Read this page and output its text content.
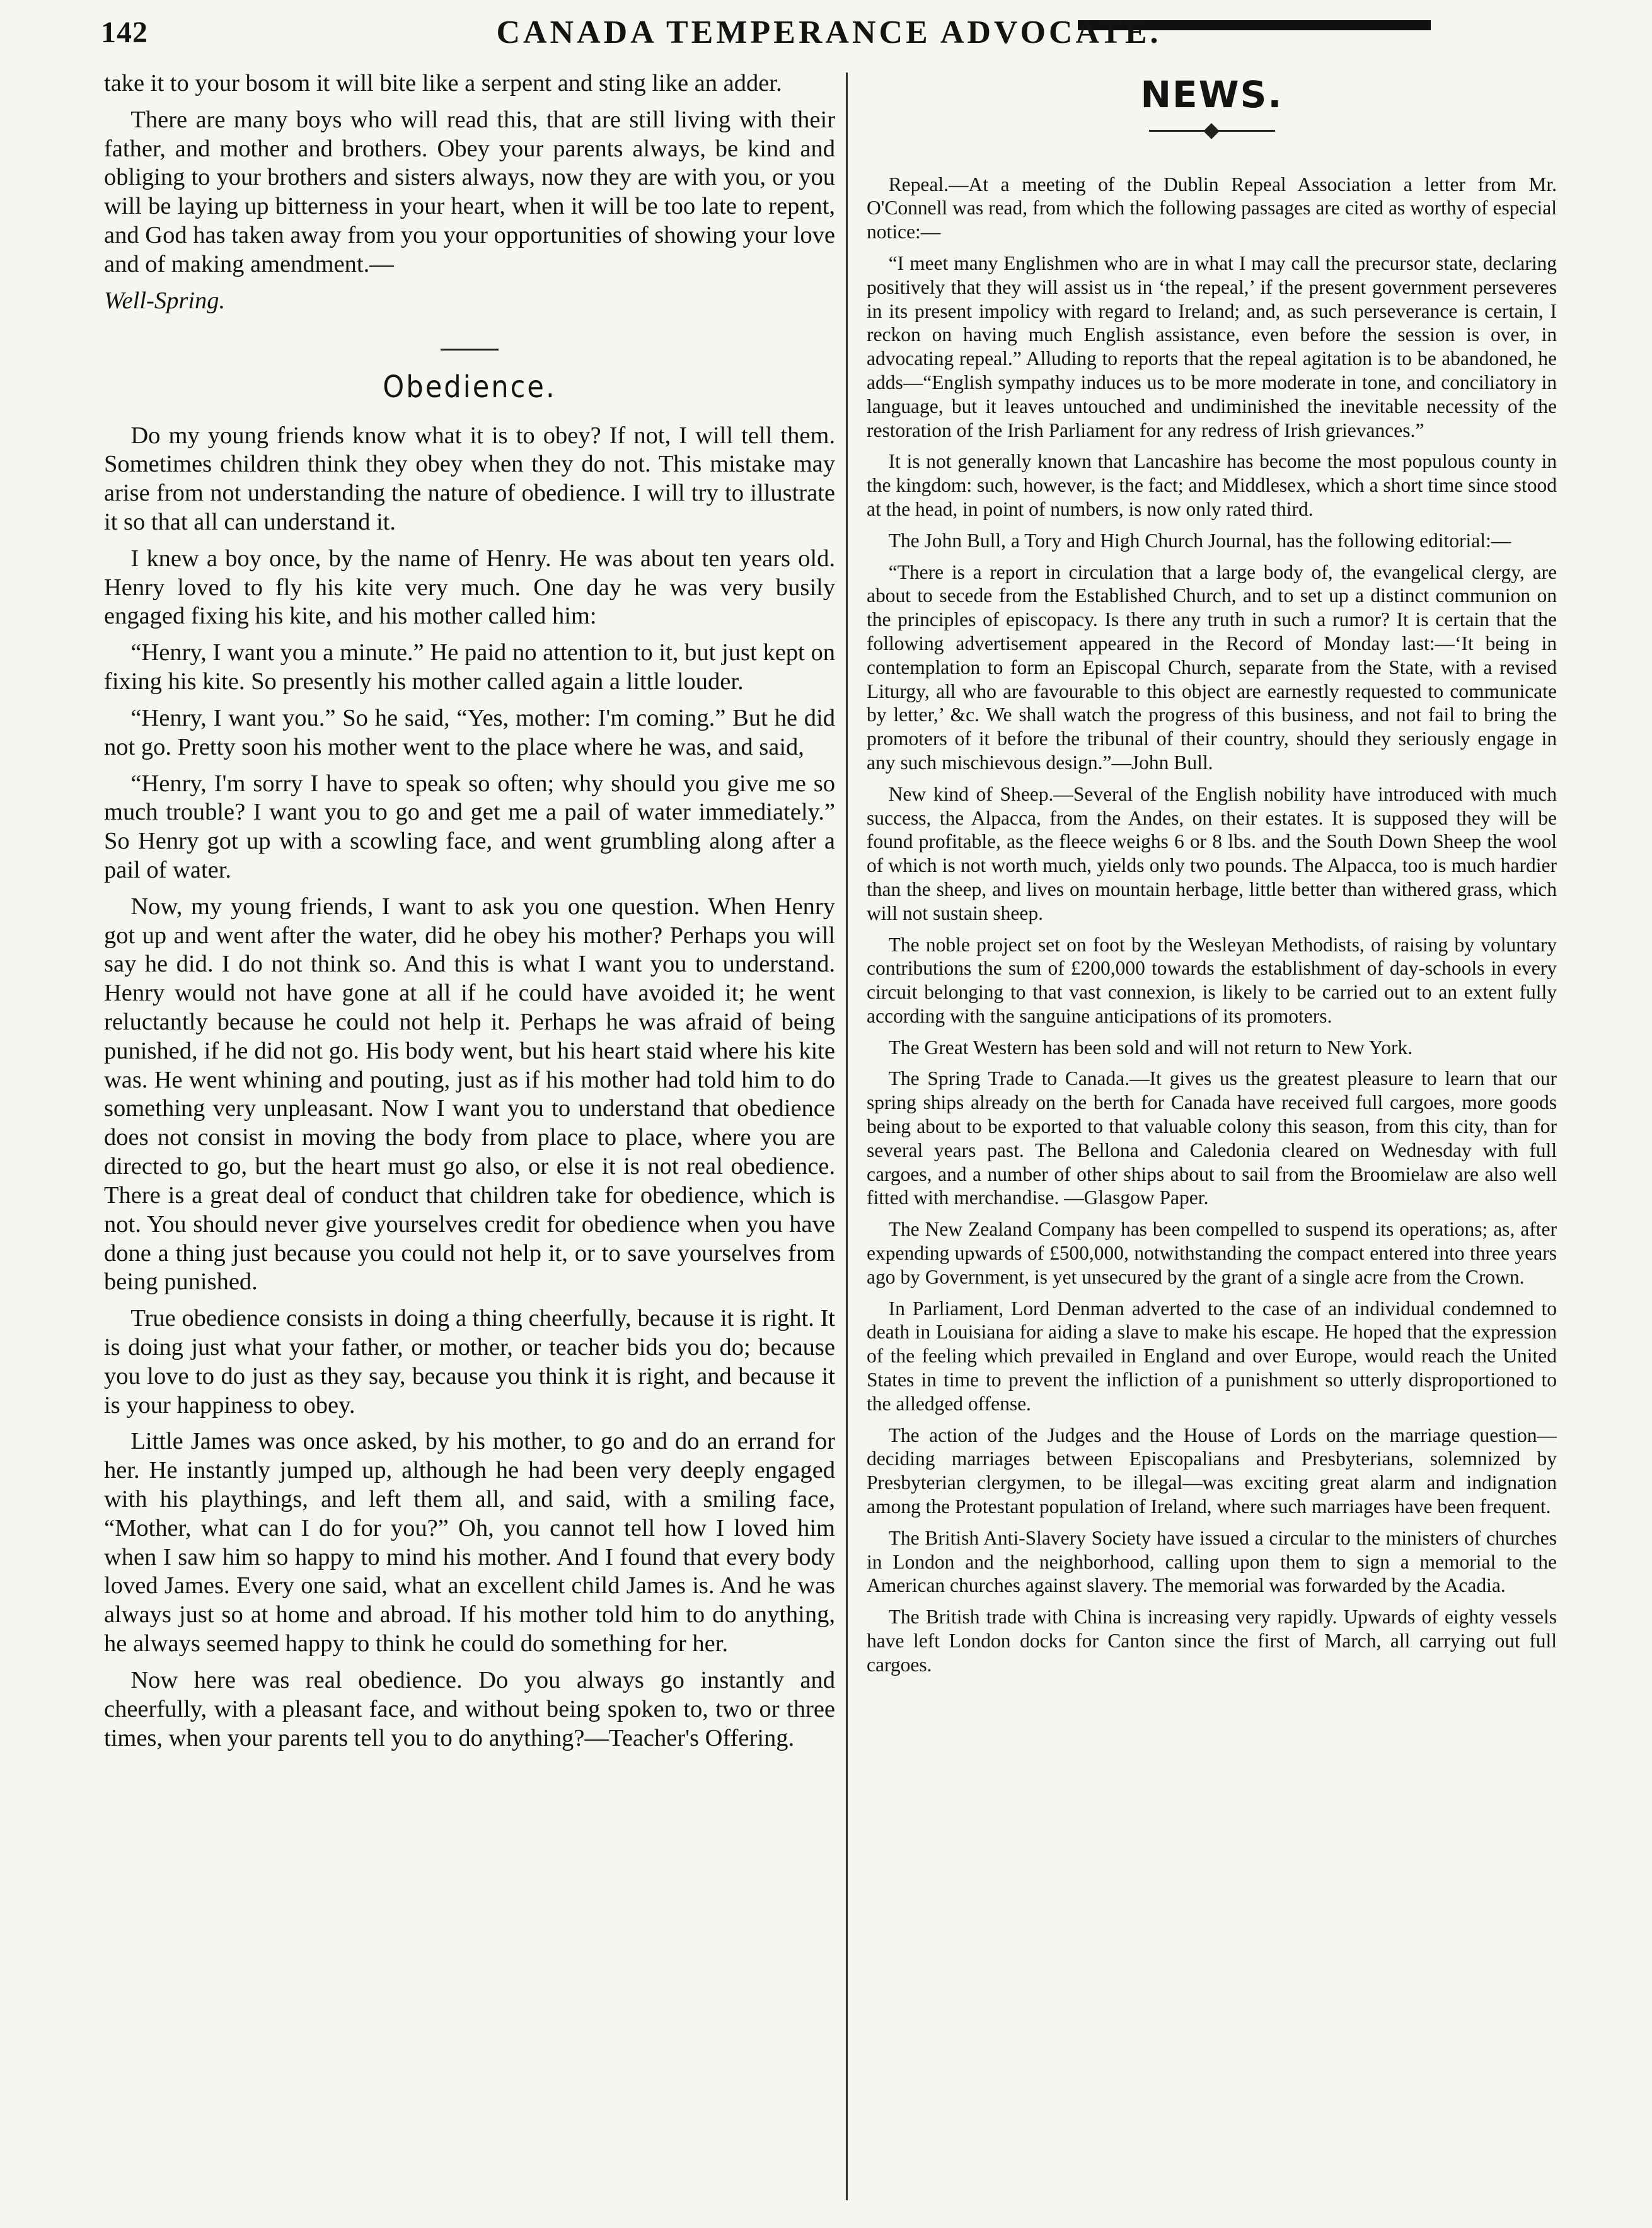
142	CANADA TEMPERANCE ADVOCATE.

take it to your bosom it will bite like a serpent and sting like an adder.

There are many boys who will read this, that are still living with their father, and mother and brothers. Obey your parents always, be kind and obliging to your brothers and sisters always, now they are with you, or you will be laying up bitterness in your heart, when it will be too late to repent, and God has taken away from you your opportunities of showing your love and of making amendment.—

Well-Spring.

Obedience.

Do my young friends know what it is to obey? If not, I will tell them. Sometimes children think they obey when they do not. This mistake may arise from not understanding the nature of obedience. I will try to illustrate it so that all can understand it.

I knew a boy once, by the name of Henry. He was about ten years old. Henry loved to fly his kite very much. One day he was very busily engaged fixing his kite, and his mother called him:

“Henry, I want you a minute.” He paid no attention to it, but just kept on fixing his kite. So presently his mother called again a little louder.

“Henry, I want you.” So he said, “Yes, mother: I'm coming.” But he did not go. Pretty soon his mother went to the place where he was, and said,

“Henry, I'm sorry I have to speak so often; why should you give me so much trouble? I want you to go and get me a pail of water immediately.” So Henry got up with a scowling face, and went grumbling along after a pail of water.

Now, my young friends, I want to ask you one question. When Henry got up and went after the water, did he obey his mother? Perhaps you will say he did. I do not think so. And this is what I want you to understand. Henry would not have gone at all if he could have avoided it; he went reluctantly because he could not help it. Perhaps he was afraid of being punished, if he did not go. His body went, but his heart staid where his kite was. He went whining and pouting, just as if his mother had told him to do something very unpleasant. Now I want you to understand that obedience does not consist in moving the body from place to place, where you are directed to go, but the heart must go also, or else it is not real obedience. There is a great deal of conduct that children take for obedience, which is not. You should never give yourselves credit for obedience when you have done a thing just because you could not help it, or to save yourselves from being punished.

True obedience consists in doing a thing cheerfully, because it is right. It is doing just what your father, or mother, or teacher bids you do; because you love to do just as they say, because you think it is right, and because it is your happiness to obey.

Little James was once asked, by his mother, to go and do an errand for her. He instantly jumped up, although he had been very deeply engaged with his playthings, and left them all, and said, with a smiling face, “Mother, what can I do for you?” Oh, you cannot tell how I loved him when I saw him so happy to mind his mother. And I found that every body loved James. Every one said, what an excellent child James is. And he was always just so at home and abroad. If his mother told him to do anything, he always seemed happy to think he could do something for her.

Now here was real obedience. Do you always go instantly and cheerfully, with a pleasant face, and without being spoken to, two or three times, when your parents tell you to do anything?—Teacher's Offering.

NEWS.

Repeal.—At a meeting of the Dublin Repeal Association a letter from Mr. O'Connell was read, from which the following passages are cited as worthy of especial notice:—

“I meet many Englishmen who are in what I may call the precursor state, declaring positively that they will assist us in ‘the repeal,’ if the present government perseveres in its present impolicy with regard to Ireland; and, as such perseverance is certain, I reckon on having much English assistance, even before the session is over, in advocating repeal.” Alluding to reports that the repeal agitation is to be abandoned, he adds—“English sympathy induces us to be more moderate in tone, and conciliatory in language, but it leaves untouched and undiminished the inevitable necessity of the restoration of the Irish Parliament for any redress of Irish grievances.”

It is not generally known that Lancashire has become the most populous county in the kingdom: such, however, is the fact; and Middlesex, which a short time since stood at the head, in point of numbers, is now only rated third.

The John Bull, a Tory and High Church Journal, has the following editorial:—

“There is a report in circulation that a large body of, the evangelical clergy, are about to secede from the Established Church, and to set up a distinct communion on the principles of episcopacy. Is there any truth in such a rumor? It is certain that the following advertisement appeared in the Record of Monday last:—‘It being in contemplation to form an Episcopal Church, separate from the State, with a revised Liturgy, all who are favourable to this object are earnestly requested to communicate by letter,’ &c. We shall watch the progress of this business, and not fail to bring the promoters of it before the tribunal of their country, should they seriously engage in any such mischievous design.”—John Bull.

New kind of Sheep.—Several of the English nobility have introduced with much success, the Alpacca, from the Andes, on their estates. It is supposed they will be found profitable, as the fleece weighs 6 or 8 lbs. and the South Down Sheep the wool of which is not worth much, yields only two pounds. The Alpacca, too is much hardier than the sheep, and lives on mountain herbage, little better than withered grass, which will not sustain sheep.

The noble project set on foot by the Wesleyan Methodists, of raising by voluntary contributions the sum of £200,000 towards the establishment of day-schools in every circuit belonging to that vast connexion, is likely to be carried out to an extent fully according with the sanguine anticipations of its promoters.

The Great Western has been sold and will not return to New York.

The Spring Trade to Canada.—It gives us the greatest pleasure to learn that our spring ships already on the berth for Canada have received full cargoes, more goods being about to be exported to that valuable colony this season, from this city, than for several years past. The Bellona and Caledonia cleared on Wednesday with full cargoes, and a number of other ships about to sail from the Broomielaw are also well fitted with merchandise. —Glasgow Paper.

The New Zealand Company has been compelled to suspend its operations; as, after expending upwards of £500,000, notwithstanding the compact entered into three years ago by Government, is yet unsecured by the grant of a single acre from the Crown.

In Parliament, Lord Denman adverted to the case of an individual condemned to death in Louisiana for aiding a slave to make his escape. He hoped that the expression of the feeling which prevailed in England and over Europe, would reach the United States in time to prevent the infliction of a punishment so utterly disproportioned to the alledged offense.

The action of the Judges and the House of Lords on the marriage question—deciding marriages between Episcopalians and Presbyterians, solemnized by Presbyterian clergymen, to be illegal—was exciting great alarm and indignation among the Protestant population of Ireland, where such marriages have been frequent.

The British Anti-Slavery Society have issued a circular to the ministers of churches in London and the neighborhood, calling upon them to sign a memorial to the American churches against slavery. The memorial was forwarded by the Acadia.

The British trade with China is increasing very rapidly. Upwards of eighty vessels have left London docks for Canton since the first of March, all carrying out full cargoes.
